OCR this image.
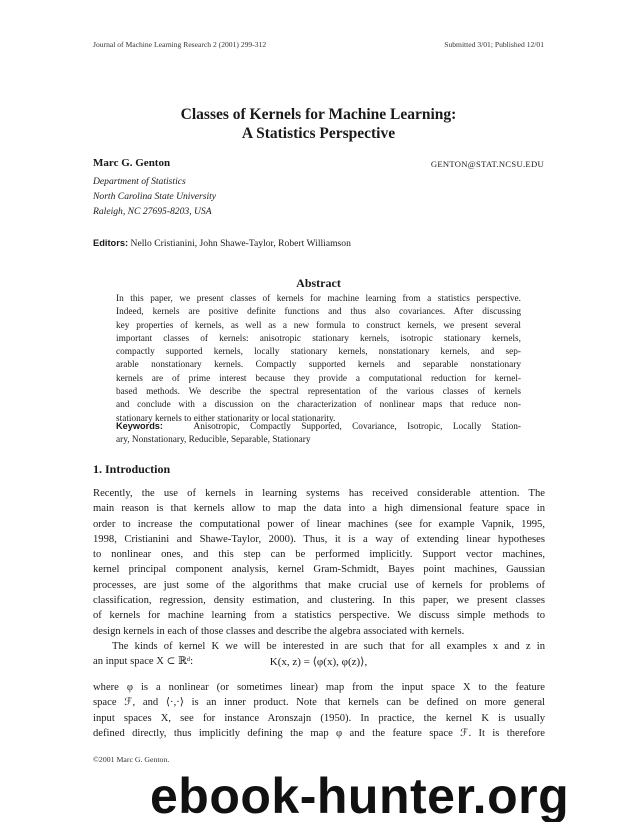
Journal of Machine Learning Research 2 (2001) 299-312	Submitted 3/01; Published 12/01
Classes of Kernels for Machine Learning:
A Statistics Perspective
Marc G. Genton	GENTON@STAT.NCSU.EDU
Department of Statistics
North Carolina State University
Raleigh, NC 27695-8203, USA
Editors: Nello Cristianini, John Shawe-Taylor, Robert Williamson
Abstract
In this paper, we present classes of kernels for machine learning from a statistics perspective.
Indeed, kernels are positive definite functions and thus also covariances. After discussing
key properties of kernels, as well as a new formula to construct kernels, we present several
important classes of kernels: anisotropic stationary kernels, isotropic stationary kernels,
compactly supported kernels, locally stationary kernels, nonstationary kernels, and sep-
arable nonstationary kernels. Compactly supported kernels and separable nonstationary
kernels are of prime interest because they provide a computational reduction for kernel-
based methods. We describe the spectral representation of the various classes of kernels
and conclude with a discussion on the characterization of nonlinear maps that reduce non-
stationary kernels to either stationarity or local stationarity.
Keywords:	Anisotropic, Compactly Supported, Covariance, Isotropic, Locally Station-
ary, Nonstationary, Reducible, Separable, Stationary
1. Introduction
Recently, the use of kernels in learning systems has received considerable attention. The
main reason is that kernels allow to map the data into a high dimensional feature space in
order to increase the computational power of linear machines (see for example Vapnik, 1995,
1998, Cristianini and Shawe-Taylor, 2000). Thus, it is a way of extending linear hypotheses
to nonlinear ones, and this step can be performed implicitly. Support vector machines,
kernel principal component analysis, kernel Gram-Schmidt, Bayes point machines, Gaussian
processes, are just some of the algorithms that make crucial use of kernels for problems of
classification, regression, density estimation, and clustering. In this paper, we present classes
of kernels for machine learning from a statistics perspective. We discuss simple methods to
design kernels in each of those classes and describe the algebra associated with kernels.
The kinds of kernel K we will be interested in are such that for all examples x and z in
an input space X ⊂ ℝᵈ:	K(x, z) = ⟨φ(x), φ(z)⟩,
where φ is a nonlinear (or sometimes linear) map from the input space X to the feature
space ℱ, and ⟨·,·⟩ is an inner product. Note that kernels can be defined on more general
input spaces X, see for instance Aronszajn (1950). In practice, the kernel K is usually
defined directly, thus implicitly defining the map φ and the feature space ℱ. It is therefore
©2001 Marc G. Genton.
ebook-hunter.org
